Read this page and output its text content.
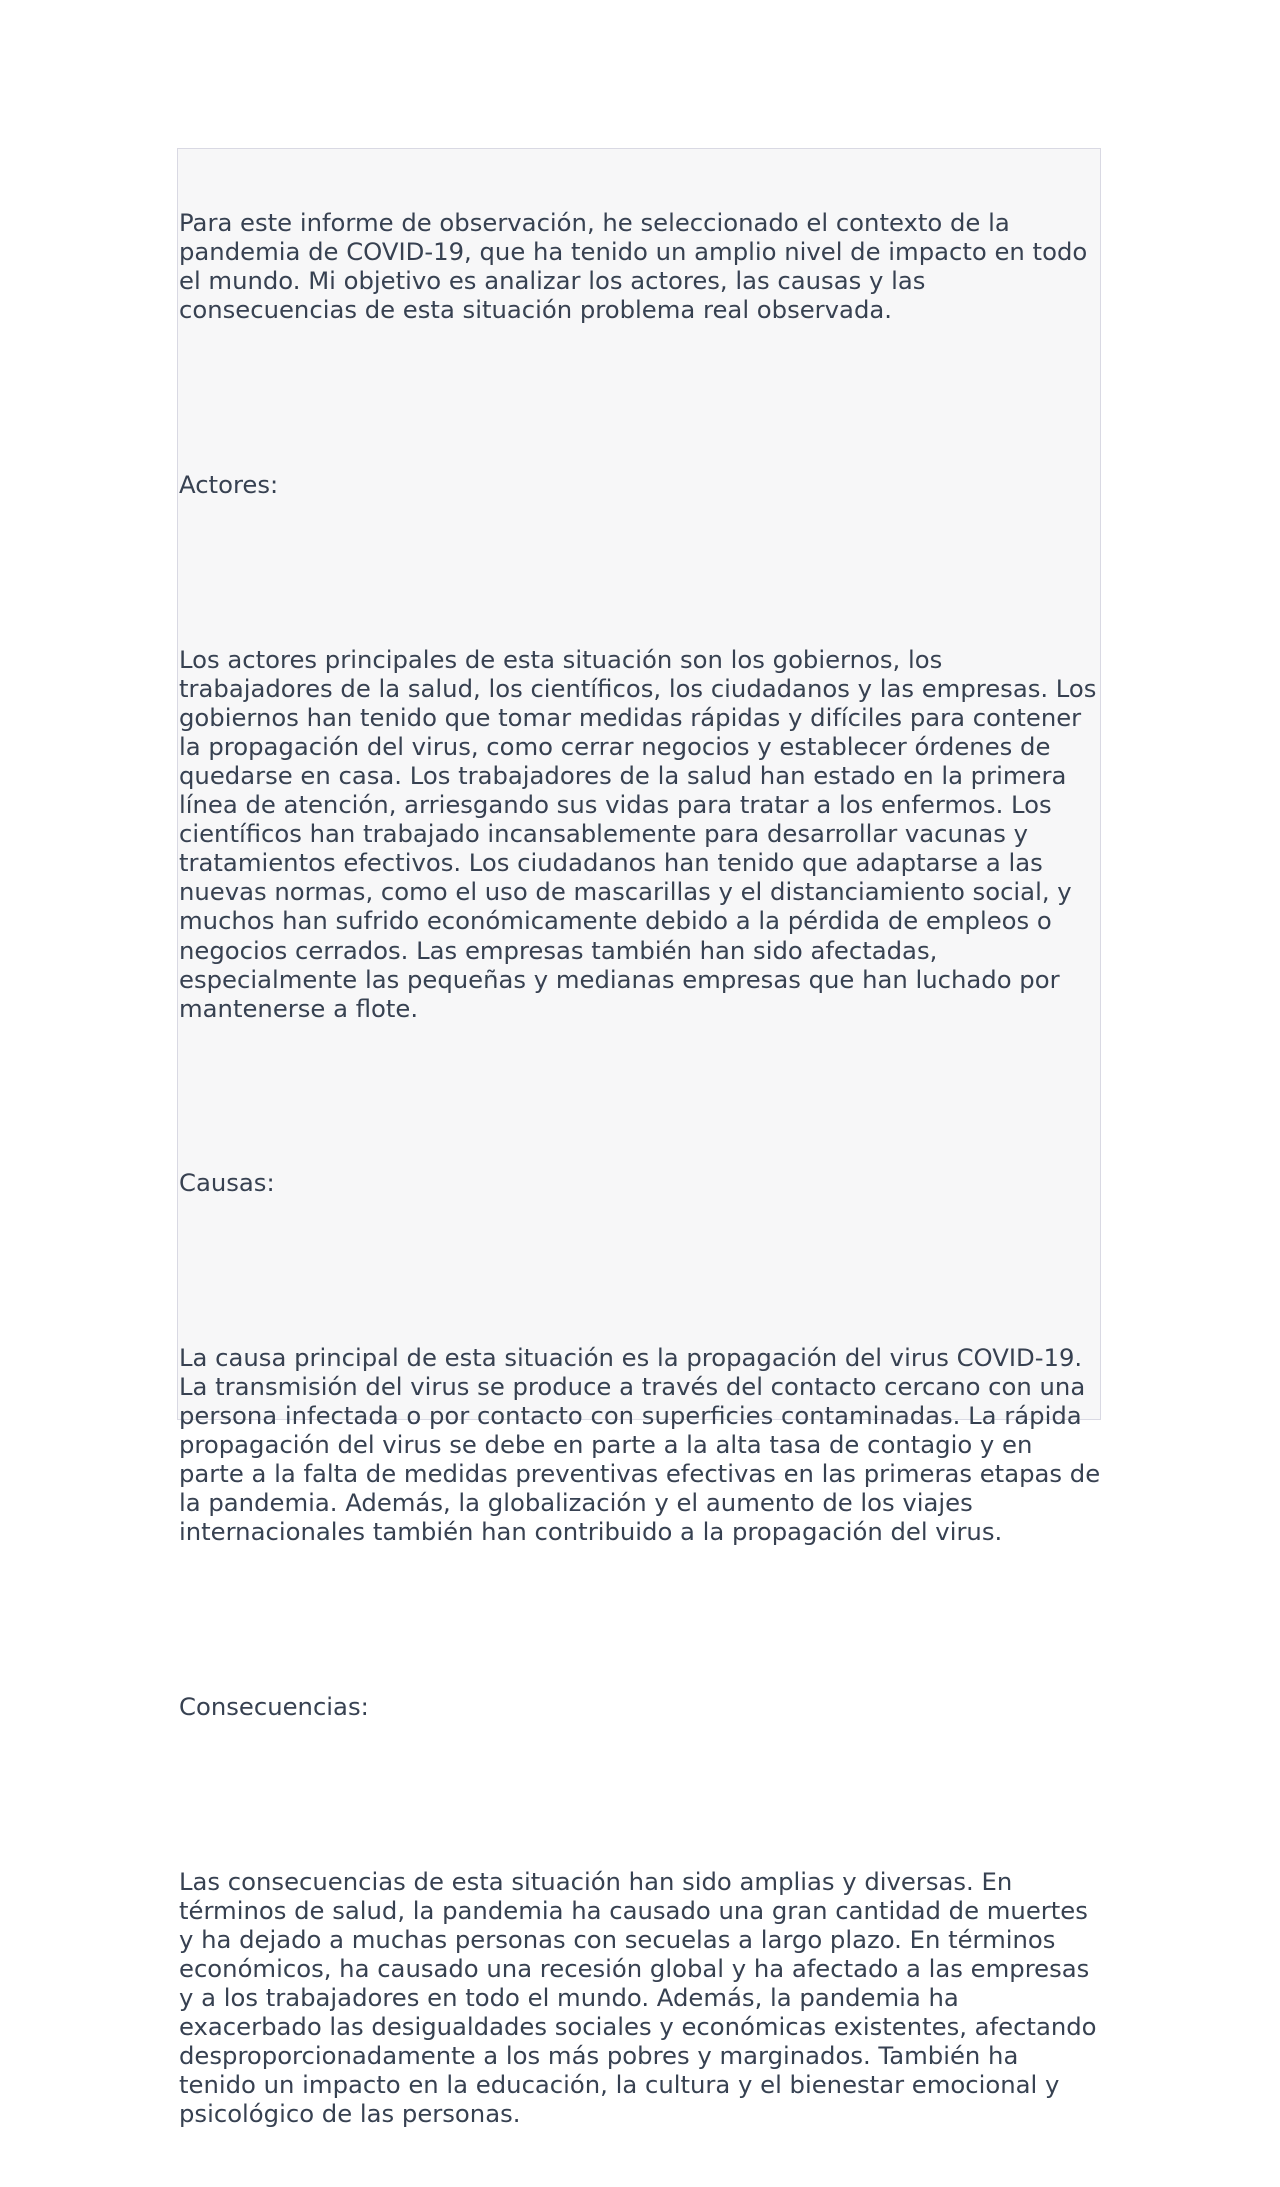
Para este informe de observación, he seleccionado el contexto de la pandemia de COVID-19, que ha tenido un amplio nivel de impacto en todo el mundo. Mi objetivo es analizar los actores, las causas y las consecuencias de esta situación problema real observada.

Actores:

Los actores principales de esta situación son los gobiernos, los trabajadores de la salud, los científicos, los ciudadanos y las empresas. Los gobiernos han tenido que tomar medidas rápidas y difíciles para contener la propagación del virus, como cerrar negocios y establecer órdenes de quedarse en casa. Los trabajadores de la salud han estado en la primera línea de atención, arriesgando sus vidas para tratar a los enfermos. Los científicos han trabajado incansablemente para desarrollar vacunas y tratamientos efectivos. Los ciudadanos han tenido que adaptarse a las nuevas normas, como el uso de mascarillas y el distanciamiento social, y muchos han sufrido económicamente debido a la pérdida de empleos o negocios cerrados. Las empresas también han sido afectadas, especialmente las pequeñas y medianas empresas que han luchado por mantenerse a flote.

Causas:

La causa principal de esta situación es la propagación del virus COVID-19. La transmisión del virus se produce a través del contacto cercano con una persona infectada o por contacto con superficies contaminadas. La rápida propagación del virus se debe en parte a la alta tasa de contagio y en parte a la falta de medidas preventivas efectivas en las primeras etapas de la pandemia. Además, la globalización y el aumento de los viajes internacionales también han contribuido a la propagación del virus.

Consecuencias:

Las consecuencias de esta situación han sido amplias y diversas. En términos de salud, la pandemia ha causado una gran cantidad de muertes y ha dejado a muchas personas con secuelas a largo plazo. En términos económicos, ha causado una recesión global y ha afectado a las empresas y a los trabajadores en todo el mundo. Además, la pandemia ha exacerbado las desigualdades sociales y económicas existentes, afectando desproporcionadamente a los más pobres y marginados. También ha tenido un impacto en la educación, la cultura y el bienestar emocional y psicológico de las personas.
